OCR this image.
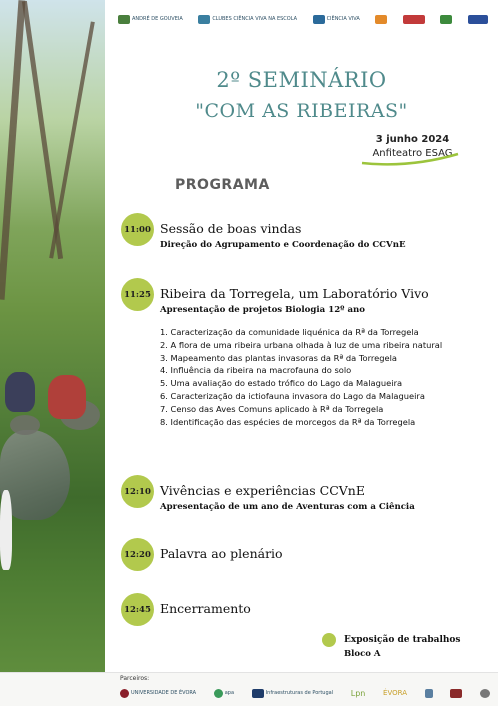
ANDRÉ DE GOUVEIA	CLUBES CIÊNCIA VIVA NA ESCOLA	CIÊNCIA VIVA
2º SEMINÁRIO
"COM AS RIBEIRAS"
3 junho 2024
Anfiteatro ESAG
PROGRAMA
11:00 Sessão de boas vindas
Direção do Agrupamento e Coordenação do CCVnE
11:25 Ribeira da Torregela, um Laboratório Vivo
Apresentação de projetos Biologia 12º ano
1. Caracterização da comunidade liquénica da Rª da Torregela
2. A flora de uma ribeira urbana olhada à luz de uma ribeira natural
3. Mapeamento das plantas invasoras da Rª da Torregela
4. Influência da ribeira na macrofauna do solo
5. Uma avaliação do estado trófico do Lago da Malagueira
6. Caracterização da ictiofauna invasora do Lago da Malagueira
7. Censo das Aves Comuns aplicado à Rª da Torregela
8. Identificação das espécies de morcegos da Rª da Torregela
12:10 Vivências e experiências CCVnE
Apresentação de um ano de Aventuras com a Ciência
12:20 Palavra ao plenário
12:45 Encerramento
Exposição de trabalhos
Bloco A
Parceiros:
UNIVERSIDADE DE ÉVORA	apa	Infraestruturas de Portugal Lpn	ÉVORA
